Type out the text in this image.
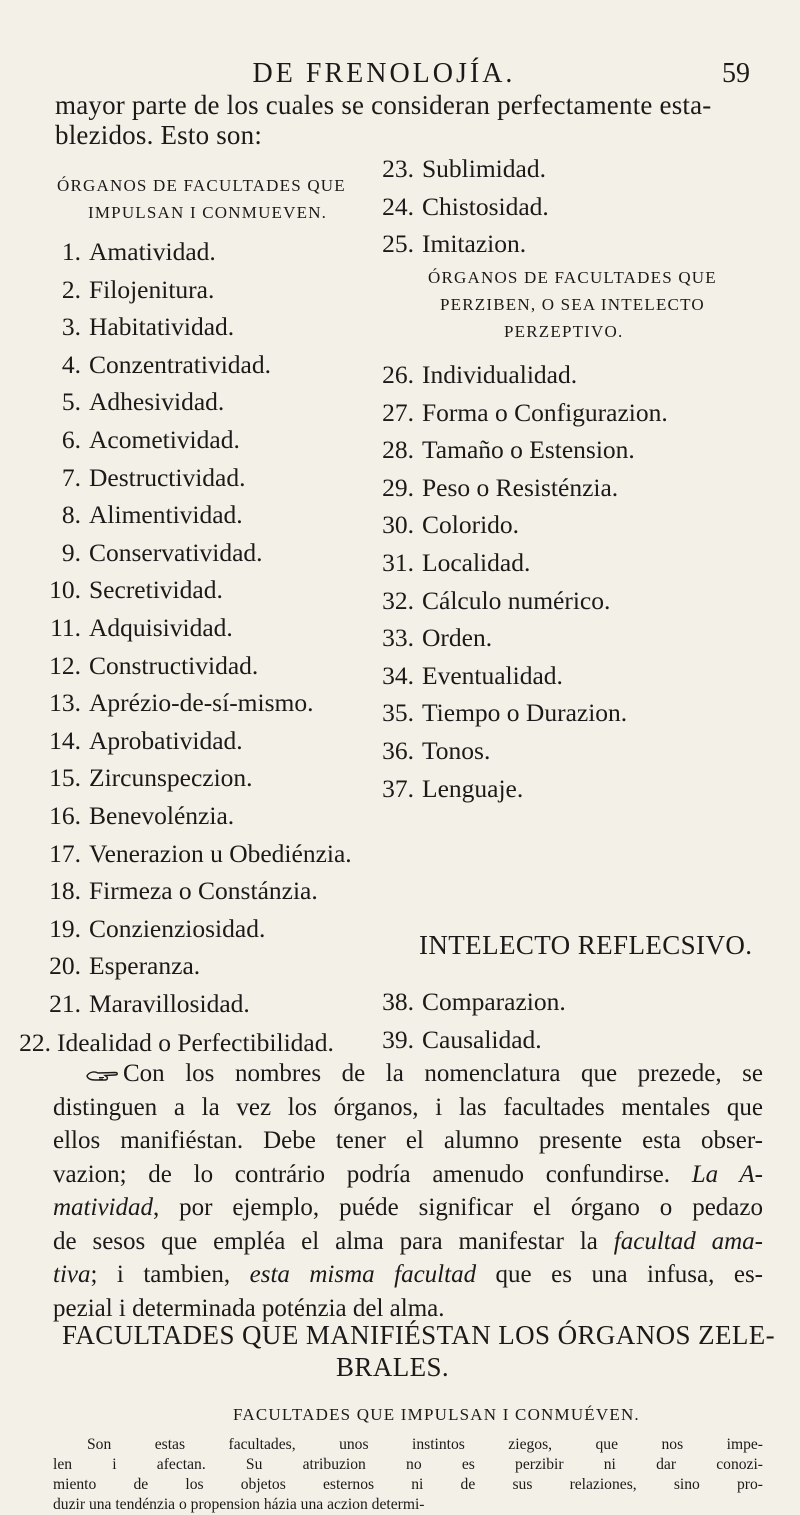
DE FRENOLOJÍA.	59
mayor parte de los cuales se consideran perfectamente esta-
blezidos. Esto son:
ÓRGANOS DE FACULTADES QUE
IMPULSAN I CONMUEVEN.
1. Amatividad.
2. Filojenitura.
3. Habitatividad.
4. Conzentratividad.
5. Adhesividad.
6. Acometividad.
7. Destructividad.
8. Alimentividad.
9. Conservatividad.
10. Secretividad.
11. Adquisividad.
12. Constructividad.
13. Aprézio-de-sí-mismo.
14. Aprobatividad.
15. Zircunspeczion.
16. Benevolénzia.
17. Venerazion u Obediénzia.
18. Firmeza o Constánzia.
19. Conzienziosidad.
20. Esperanza.
21. Maravillosidad.
22. Idealidad o Perfectibilidad.
23. Sublimidad.
24. Chistosidad.
25. Imitazion.
ÓRGANOS DE FACULTADES QUE
PERZIBEN, O SEA INTELECTO
PERZEPTIVO.
26. Individualidad.
27. Forma o Configurazion.
28. Tamaño o Estension.
29. Peso o Resisténzia.
30. Colorido.
31. Localidad.
32. Cálculo numérico.
33. Orden.
34. Eventualidad.
35. Tiempo o Durazion.
36. Tonos.
37. Lenguaje.
INTELECTO REFLECSIVO.
38. Comparazion.
39. Causalidad.
Con los nombres de la nomenclatura que prezede, se
distinguen a la vez los órganos, i las facultades mentales que
ellos manifiéstan. Debe tener el alumno presente esta obser-
vazion; de lo contrário podría amenudo confundirse. La A-
matividad, por ejemplo, puéde significar el órgano o pedazo
de sesos que empléa el alma para manifestar la facultad ama-
tiva; i tambien, esta misma facultad que es una infusa, es-
pezial i determinada poténzia del alma.
FACULTADES QUE MANIFIÉSTAN LOS ÓRGANOS ZELE-
BRALES.
FACULTADES QUE IMPULSAN I CONMUÉVEN.
Son estas facultades, unos instintos ziegos, que nos impe-
len i afectan. Su atribuzion no es perzibir ni dar conozi-
miento de los objetos esternos ni de sus relaziones, sino pro-
duzir una tendénzia o propension házia una aczion determi-
